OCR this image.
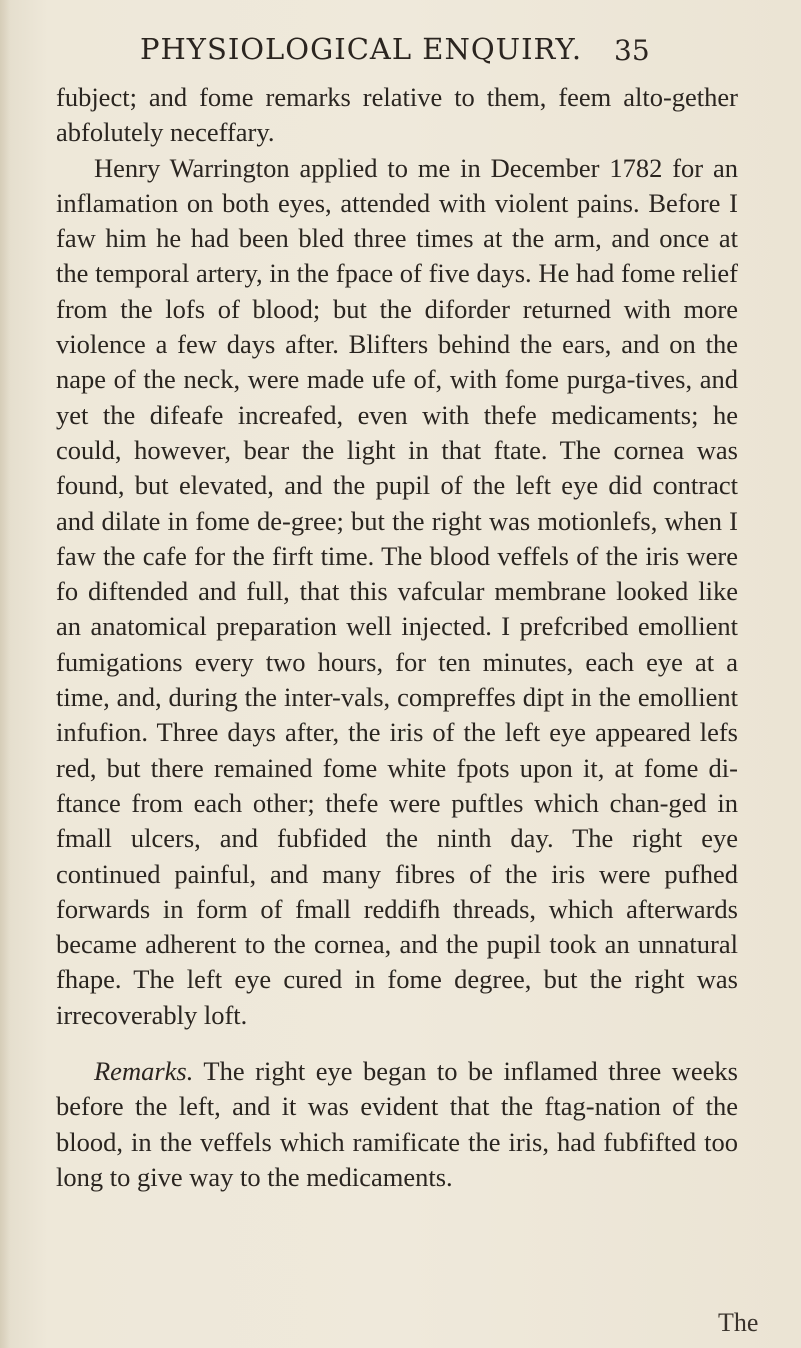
PHYSIOLOGICAL ENQUIRY. 35

fubject; and fome remarks relative to them, feem alto-gether abfolutely neceffary.

Henry Warrington applied to me in December 1782 for an inflamation on both eyes, attended with violent pains. Before I faw him he had been bled three times at the arm, and once at the temporal artery, in the fpace of five days. He had fome relief from the lofs of blood; but the diforder returned with more violence a few days after. Blifters behind the ears, and on the nape of the neck, were made ufe of, with fome purga-tives, and yet the difeafe increafed, even with thefe medicaments; he could, however, bear the light in that ftate. The cornea was found, but elevated, and the pupil of the left eye did contract and dilate in fome de-gree; but the right was motionlefs, when I faw the cafe for the firft time. The blood veffels of the iris were fo diftended and full, that this vafcular membrane looked like an anatomical preparation well injected. I prefcribed emollient fumigations every two hours, for ten minutes, each eye at a time, and, during the inter-vals, compreffes dipt in the emollient infufion. Three days after, the iris of the left eye appeared lefs red, but there remained fome white fpots upon it, at fome di-ftance from each other; thefe were puftles which chan-ged in fmall ulcers, and fubfided the ninth day. The right eye continued painful, and many fibres of the iris were pufhed forwards in form of fmall reddifh threads, which afterwards became adherent to the cornea, and the pupil took an unnatural fhape. The left eye cured in fome degree, but the right was irrecoverably loft.

Remarks. The right eye began to be inflamed three weeks before the left, and it was evident that the ftag-nation of the blood, in the veffels which ramificate the iris, had fubfifted too long to give way to the medicaments.

The
